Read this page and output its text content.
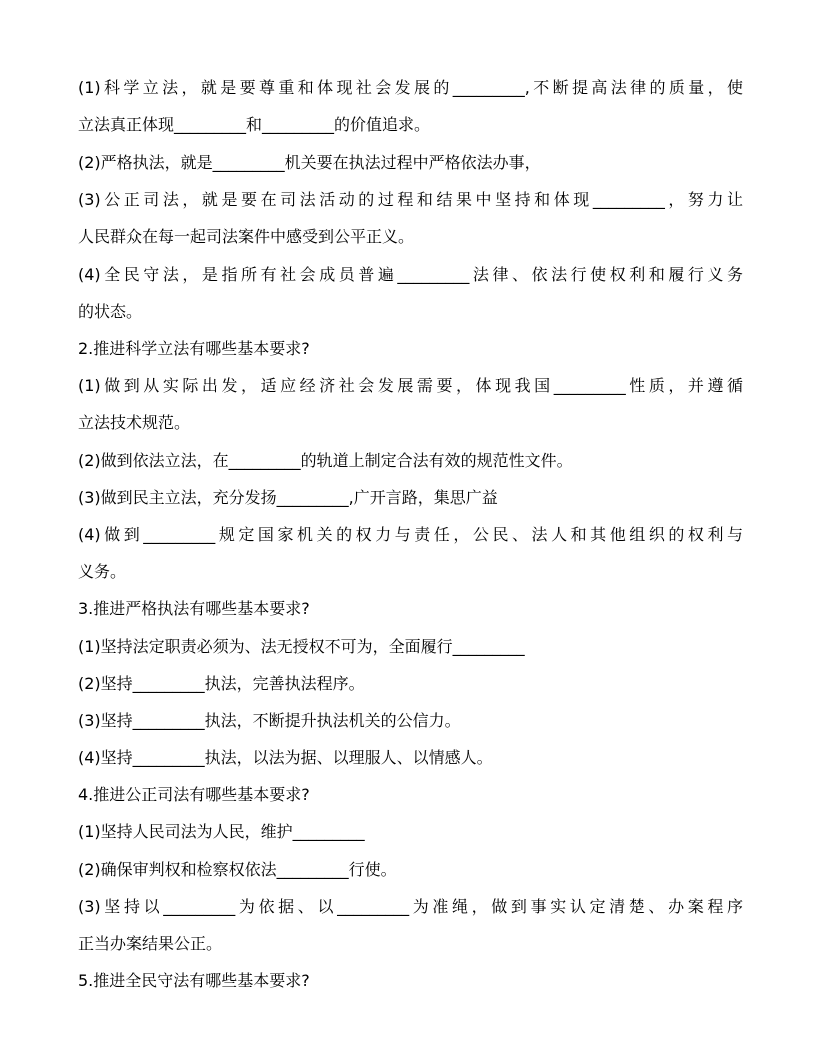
(1)科学立法，就是要尊重和体现社会发展的_________,不断提高法律的质量，使
立法真正体现_________和_________的价值追求。
(2)严格执法，就是_________机关要在执法过程中严格依法办事，
(3)公正司法，就是要在司法活动的过程和结果中坚持和体现_________，努力让
人民群众在每一起司法案件中感受到公平正义。
(4)全民守法，是指所有社会成员普遍_________法律、依法行使权利和履行义务
的状态。
2.推进科学立法有哪些基本要求?
(1)做到从实际出发，适应经济社会发展需要，体现我国_________性质，并遵循
立法技术规范。
(2)做到依法立法，在_________的轨道上制定合法有效的规范性文件。
(3)做到民主立法，充分发扬_________,广开言路，集思广益
(4)做到_________规定国家机关的权力与责任，公民、法人和其他组织的权利与
义务。
3.推进严格执法有哪些基本要求?
(1)坚持法定职责必须为、法无授权不可为，全面履行_________
(2)坚持_________执法，完善执法程序。
(3)坚持_________执法，不断提升执法机关的公信力。
(4)坚持_________执法，以法为据、以理服人、以情感人。
4.推进公正司法有哪些基本要求?
(1)坚持人民司法为人民，维护_________
(2)确保审判权和检察权依法_________行使。
(3)坚持以_________为依据、以_________为准绳，做到事实认定清楚、办案程序
正当办案结果公正。
5.推进全民守法有哪些基本要求?
